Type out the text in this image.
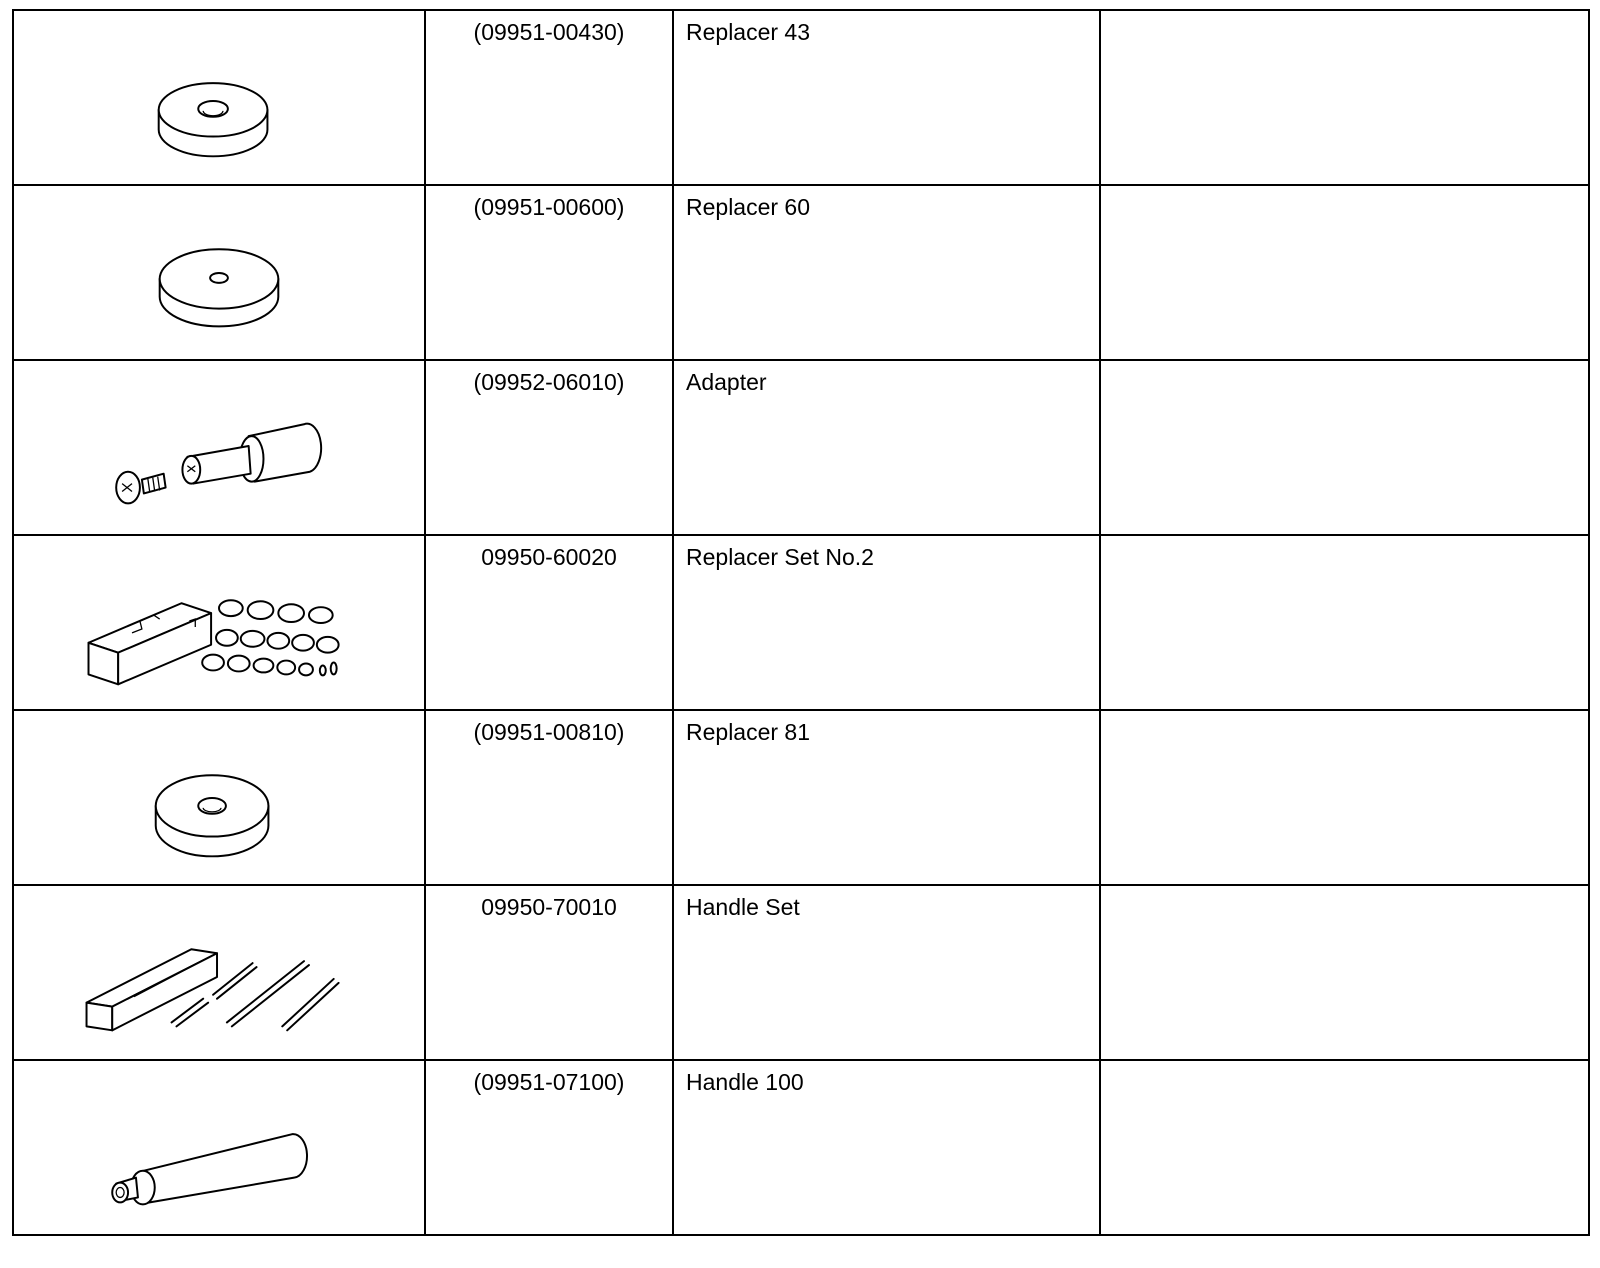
(09951-00430)	Replacer 43	

(09951-00600)	Replacer 60	

(09952-06010)	Adapter	

09950-60020	Replacer Set No.2	

(09951-00810)	Replacer 81	

09950-70010	Handle Set	

(09951-07100)	Handle 100	
